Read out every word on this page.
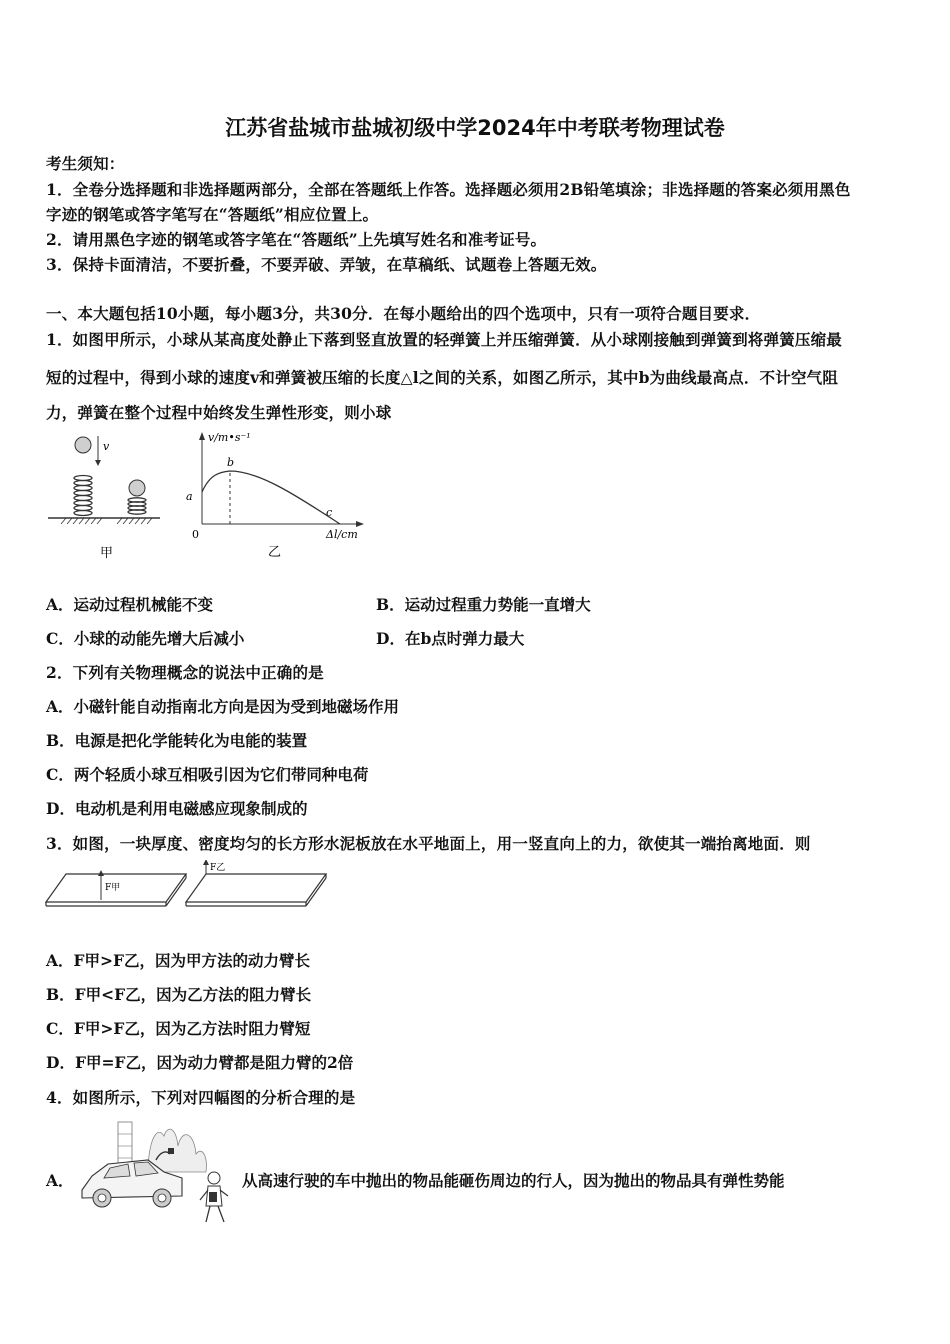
江苏省盐城市盐城初级中学2024年中考联考物理试卷
考生须知：
1．全卷分选择题和非选择题两部分，全部在答题纸上作答。选择题必须用2B铅笔填涂；非选择题的答案必须用黑色
字迹的钢笔或答字笔写在“答题纸”相应位置上。
2．请用黑色字迹的钢笔或答字笔在“答题纸”上先填写姓名和准考证号。
3．保持卡面清洁，不要折叠，不要弄破、弄皱，在草稿纸、试题卷上答题无效。
一、本大题包括10小题，每小题3分，共30分．在每小题给出的四个选项中，只有一项符合题目要求．
1．如图甲所示，小球从某高度处静止下落到竖直放置的轻弹簧上并压缩弹簧．从小球刚接触到弹簧到将弹簧压缩最
短的过程中，得到小球的速度v和弹簧被压缩的长度△l之间的关系，如图乙所示，其中b为曲线最高点．不计空气阻
力，弹簧在整个过程中始终发生弹性形变，则小球
v
甲
v/m•s⁻¹
Δl/cm
0
a
b
c
乙
A．运动过程机械能不变	B．运动过程重力势能一直增大
C．小球的动能先增大后减小	D．在b点时弹力最大
2．下列有关物理概念的说法中正确的是
A．小磁针能自动指南北方向是因为受到地磁场作用
B．电源是把化学能转化为电能的装置
C．两个轻质小球互相吸引因为它们带同种电荷
D．电动机是利用电磁感应现象制成的
3．如图，一块厚度、密度均匀的长方形水泥板放在水平地面上，用一竖直向上的力，欲使其一端抬离地面．则
F甲
F乙
A．F甲>F乙，因为甲方法的动力臂长
B．F甲<F乙，因为乙方法的阻力臂长
C．F甲>F乙，因为乙方法时阻力臂短
D．F甲=F乙，因为动力臂都是阻力臂的2倍
4．如图所示，下列对四幅图的分析合理的是
A．	从高速行驶的车中抛出的物品能砸伤周边的行人，因为抛出的物品具有弹性势能
